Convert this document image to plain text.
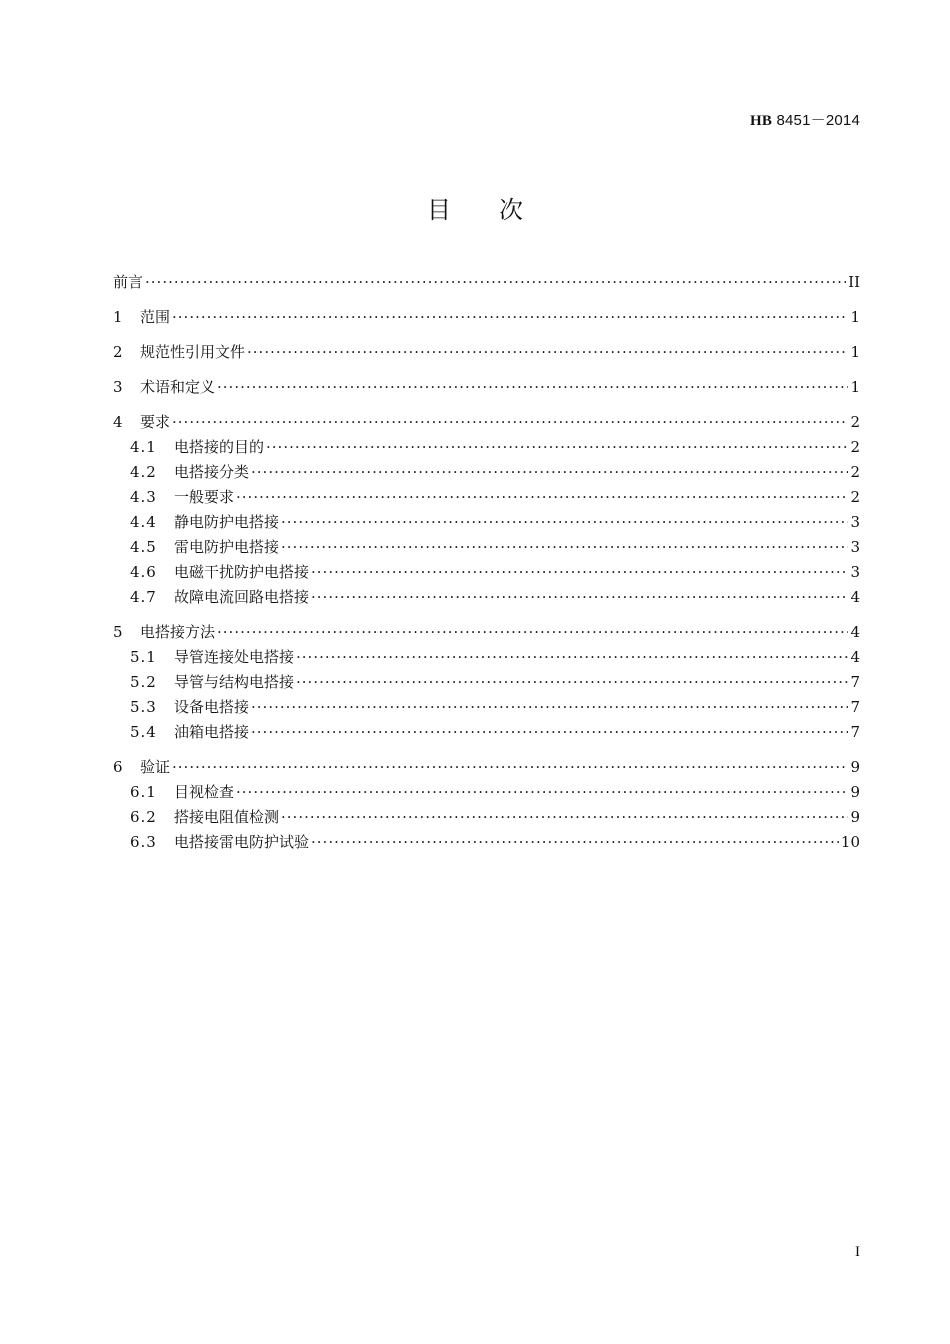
HB 8451－2014
目次
前言 ·····	II
1	范围 ·····	1
2	规范性引用文件 ·····	1
3	术语和定义 ·····	1
4	要求 ·····	2
4.1	电搭接的目的 ·····	2
4.2	电搭接分类 ·····	2
4.3	一般要求 ·····	2
4.4	静电防护电搭接 ·····	3
4.5	雷电防护电搭接 ·····	3
4.6	电磁干扰防护电搭接 ·····	3
4.7	故障电流回路电搭接 ·····	4
5	电搭接方法 ·····	4
5.1	导管连接处电搭接 ·····	4
5.2	导管与结构电搭接 ·····	7
5.3	设备电搭接 ·····	7
5.4	油箱电搭接 ·····	7
6	验证 ·····	9
6.1	目视检查 ·····	9
6.2	搭接电阻值检测 ·····	9
6.3	电搭接雷电防护试验 ·····	10
I
